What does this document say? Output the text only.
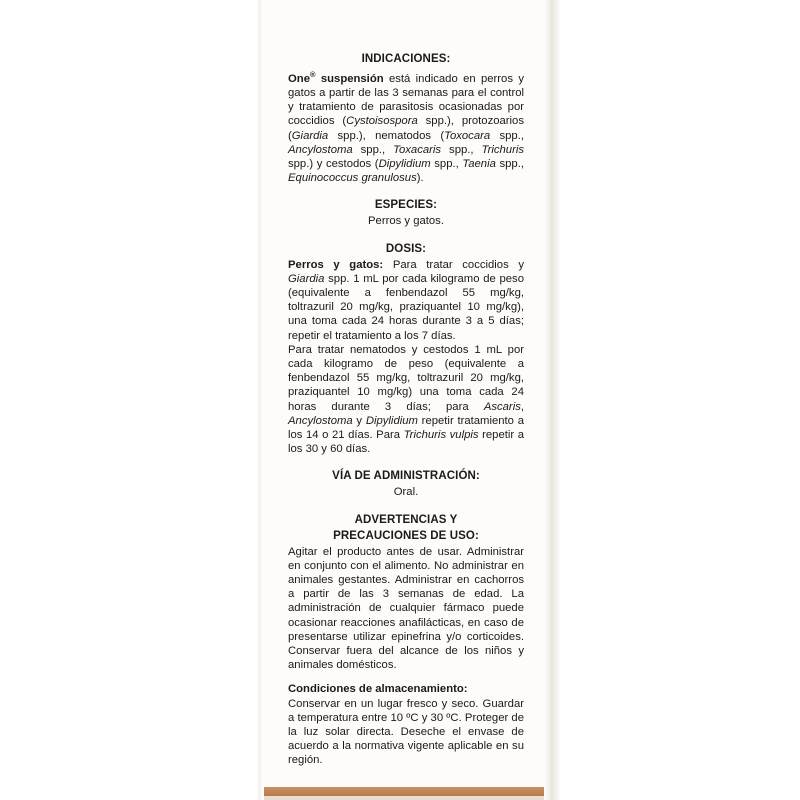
INDICACIONES:

One® suspensión está indicado en perros y gatos a partir de las 3 semanas para el control y tratamiento de parasitosis ocasionadas por coccidios (Cystoisospora spp.), protozoarios (Giardia spp.), nematodos (Toxocara spp., Ancylostoma spp., Toxacaris spp., Trichuris spp.) y cestodos (Dipylidium spp., Taenia spp., Equinococcus granulosus).

ESPECIES:

Perros y gatos.

DOSIS:

Perros y gatos: Para tratar coccidios y Giardia spp. 1 mL por cada kilogramo de peso (equivalente a fenbendazol 55 mg/kg, toltrazuril 20 mg/kg, praziquantel 10 mg/kg), una toma cada 24 horas durante 3 a 5 días; repetir el tratamiento a los 7 días.

Para tratar nematodos y cestodos 1 mL por cada kilogramo de peso (equivalente a fenbendazol 55 mg/kg, toltrazuril 20 mg/kg, praziquantel 10 mg/kg) una toma cada 24 horas durante 3 días; para Ascaris, Ancylostoma y Dipylidium repetir tratamiento a los 14 o 21 días. Para Trichuris vulpis repetir a los 30 y 60 días.

VÍA DE ADMINISTRACIÓN:

Oral.

ADVERTENCIAS Y
PRECAUCIONES DE USO:

Agitar el producto antes de usar. Administrar en conjunto con el alimento. No administrar en animales gestantes. Administrar en cachorros a partir de las 3 semanas de edad. La administración de cualquier fármaco puede ocasionar reacciones anafilácticas, en caso de presentarse utilizar epinefrina y/o corticoides. Conservar fuera del alcance de los niños y animales domésticos.

Condiciones de almacenamiento:

Conservar en un lugar fresco y seco. Guardar a temperatura entre 10 ºC y 30 ºC. Proteger de la luz solar directa. Deseche el envase de acuerdo a la normativa vigente aplicable en su región.
